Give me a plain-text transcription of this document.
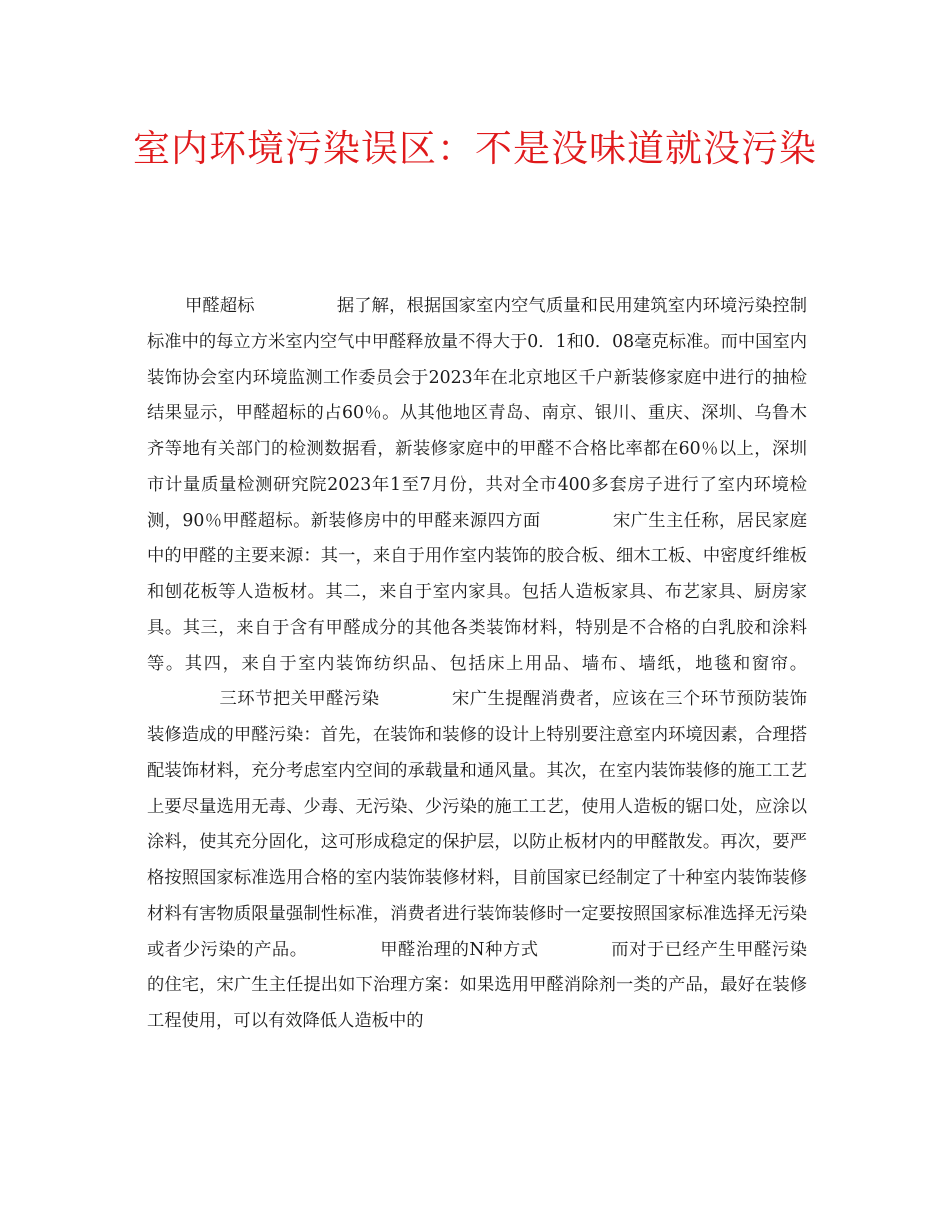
室内环境污染误区：不是没味道就没污染

甲醛超标	据了解，根据国家室内空气质量和民用建筑室内环境污染控制标准中的每立方米室内空气中甲醛释放量不得大于0．1和0．08毫克标准。而中国室内装饰协会室内环境监测工作委员会于2023年在北京地区千户新装修家庭中进行的抽检结果显示，甲醛超标的占60％。从其他地区青岛、南京、银川、重庆、深圳、乌鲁木齐等地有关部门的检测数据看，新装修家庭中的甲醛不合格比率都在60％以上，深圳市计量质量检测研究院2023年1至7月份，共对全市400多套房子进行了室内环境检测，90％甲醛超标。新装修房中的甲醛来源四方面	宋广生主任称，居民家庭中的甲醛的主要来源：其一，来自于用作室内装饰的胶合板、细木工板、中密度纤维板和刨花板等人造板材。其二，来自于室内家具。包括人造板家具、布艺家具、厨房家具。其三，来自于含有甲醛成分的其他各类装饰材料，特别是不合格的白乳胶和涂料等。其四，来自于室内装饰纺织品、包括床上用品、墙布、墙纸，地毯和窗帘。三环节把关甲醛污染	宋广生提醒消费者，应该在三个环节预防装饰装修造成的甲醛污染：首先，在装饰和装修的设计上特别要注意室内环境因素，合理搭配装饰材料，充分考虑室内空间的承载量和通风量。其次，在室内装饰装修的施工工艺上要尽量选用无毒、少毒、无污染、少污染的施工工艺，使用人造板的锯口处，应涂以涂料，使其充分固化，这可形成稳定的保护层，以防止板材内的甲醛散发。再次，要严格按照国家标准选用合格的室内装饰装修材料，目前国家已经制定了十种室内装饰装修材料有害物质限量强制性标准，消费者进行装饰装修时一定要按照国家标准选择无污染或者少污染的产品。	甲醛治理的N种方式	而对于已经产生甲醛污染的住宅，宋广生主任提出如下治理方案：如果选用甲醛消除剂一类的产品，最好在装修工程使用，可以有效降低人造板中的
